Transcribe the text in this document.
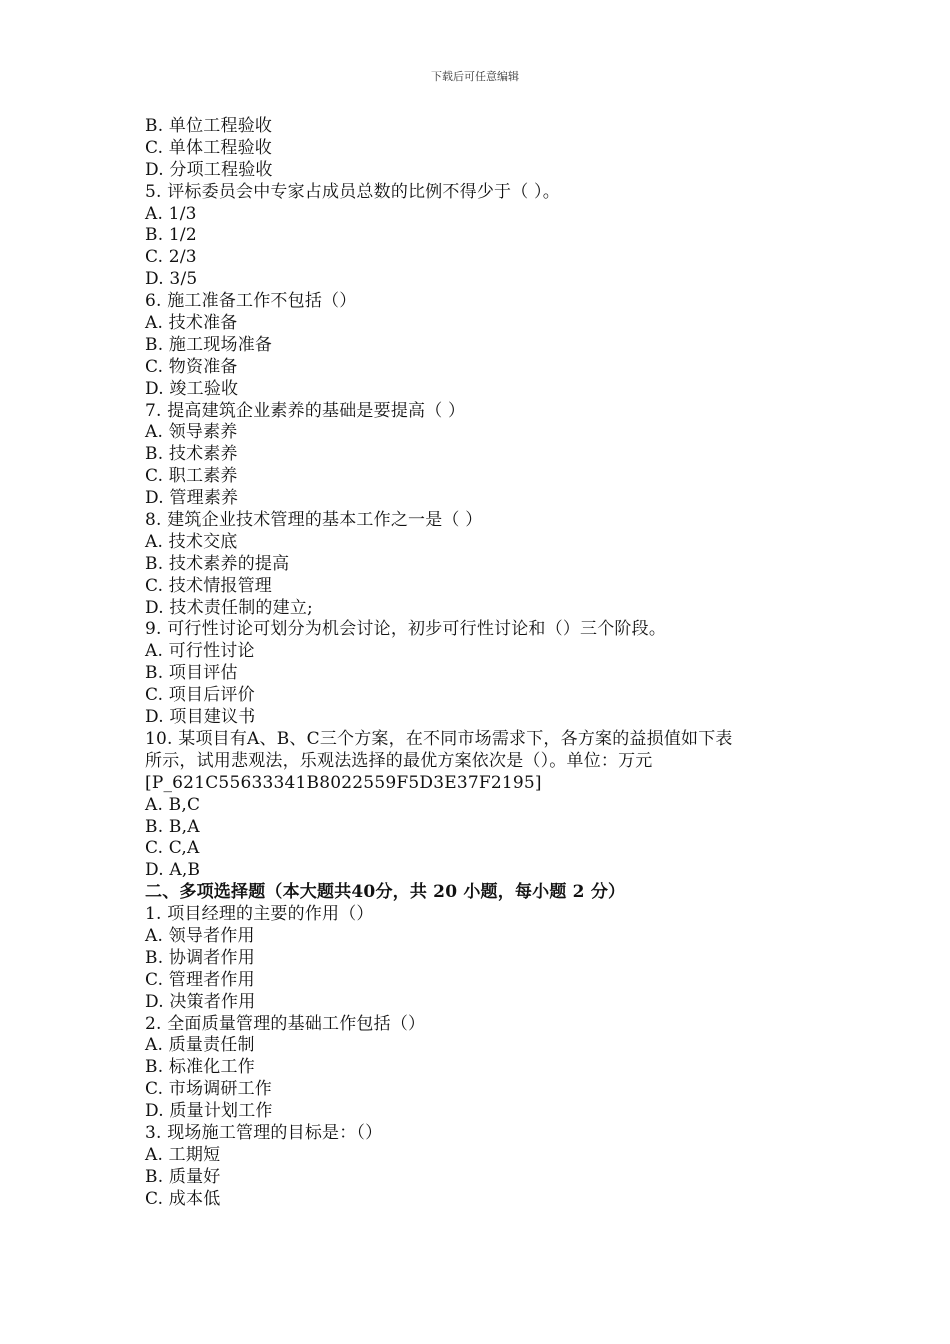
下载后可任意编辑
B. 单位工程验收
C. 单体工程验收
D. 分项工程验收
5. 评标委员会中专家占成员总数的比例不得少于（ ）。
A. 1/3
B. 1/2
C. 2/3
D. 3/5
6. 施工准备工作不包括（）
A. 技术准备
B. 施工现场准备
C. 物资准备
D. 竣工验收
7. 提高建筑企业素养的基础是要提高（ ）
A. 领导素养
B. 技术素养
C. 职工素养
D. 管理素养
8. 建筑企业技术管理的基本工作之一是（ ）
A. 技术交底
B. 技术素养的提高
C. 技术情报管理
D. 技术责任制的建立;
9. 可行性讨论可划分为机会讨论，初步可行性讨论和（）三个阶段。
A. 可行性讨论
B. 项目评估
C. 项目后评价
D. 项目建议书
10. 某项目有A、B、C三个方案，在不同市场需求下，各方案的益损值如下表
所示，试用悲观法，乐观法选择的最优方案依次是（）。单位：万元
[P_621C55633341B8022559F5D3E37F2195]
A. B,C
B. B,A
C. C,A
D. A,B
二、多项选择题（本大题共40分，共 20 小题，每小题 2 分）
1. 项目经理的主要的作用（）
A. 领导者作用
B. 协调者作用
C. 管理者作用
D. 决策者作用
2. 全面质量管理的基础工作包括（）
A. 质量责任制
B. 标准化工作
C. 市场调研工作
D. 质量计划工作
3. 现场施工管理的目标是：（）
A. 工期短
B. 质量好
C. 成本低
